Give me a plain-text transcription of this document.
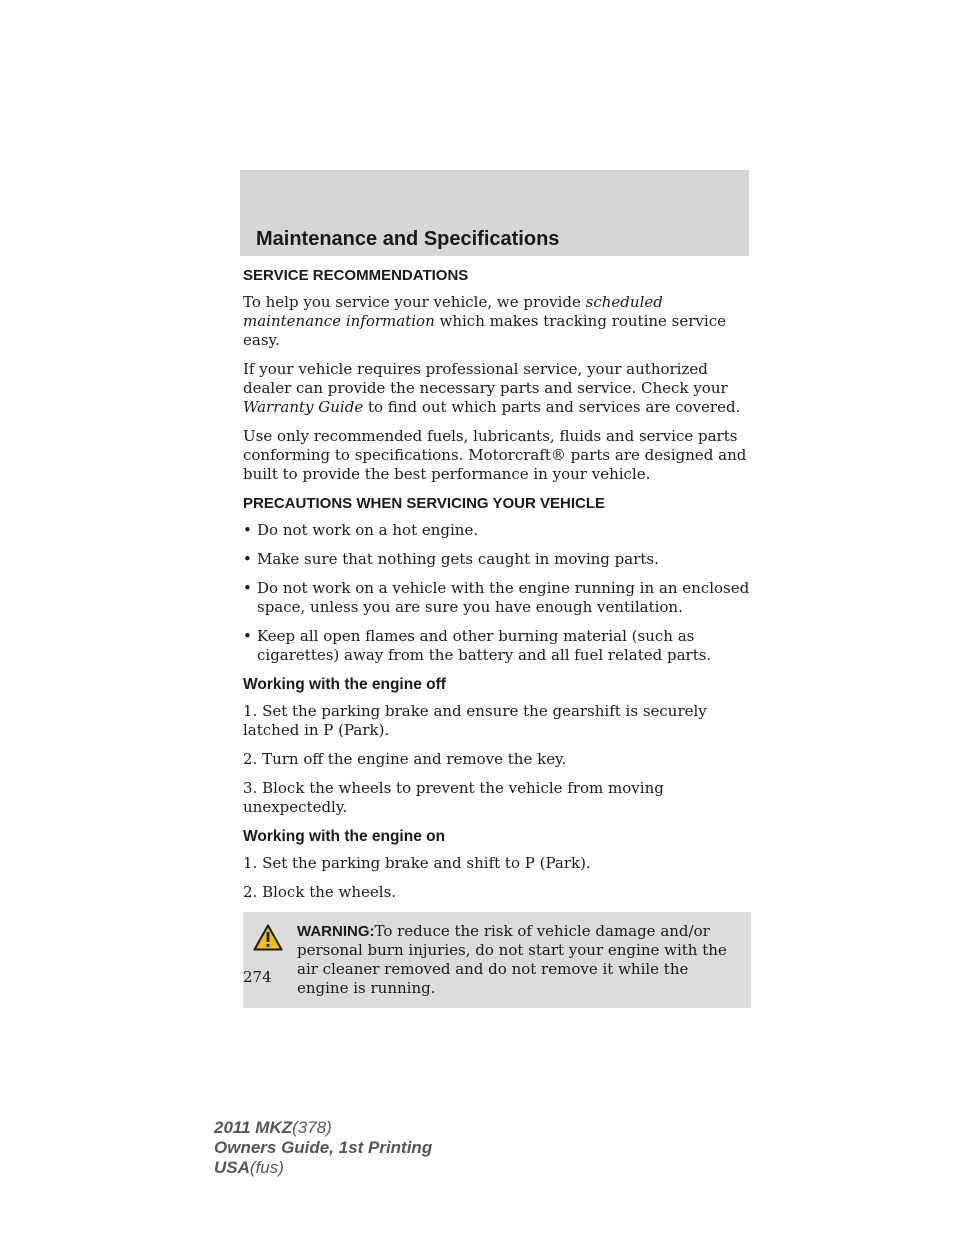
Maintenance and Specifications
SERVICE RECOMMENDATIONS

To help you service your vehicle, we provide scheduled maintenance information which makes tracking routine service easy.

If your vehicle requires professional service, your authorized dealer can provide the necessary parts and service. Check your Warranty Guide to find out which parts and services are covered.

Use only recommended fuels, lubricants, fluids and service parts conforming to specifications. Motorcraft® parts are designed and built to provide the best performance in your vehicle.

PRECAUTIONS WHEN SERVICING YOUR VEHICLE
• Do not work on a hot engine.
• Make sure that nothing gets caught in moving parts.
• Do not work on a vehicle with the engine running in an enclosed space, unless you are sure you have enough ventilation.
• Keep all open flames and other burning material (such as cigarettes) away from the battery and all fuel related parts.
Working with the engine off

1. Set the parking brake and ensure the gearshift is securely latched in P (Park).

2. Turn off the engine and remove the key.

3. Block the wheels to prevent the vehicle from moving unexpectedly.

Working with the engine on

1. Set the parking brake and shift to P (Park).

2. Block the wheels.

WARNING:To reduce the risk of vehicle damage and/or personal burn injuries, do not start your engine with the air cleaner removed and do not remove it while the engine is running.
274
2011 MKZ(378)
Owners Guide, 1st Printing
USA(fus)
